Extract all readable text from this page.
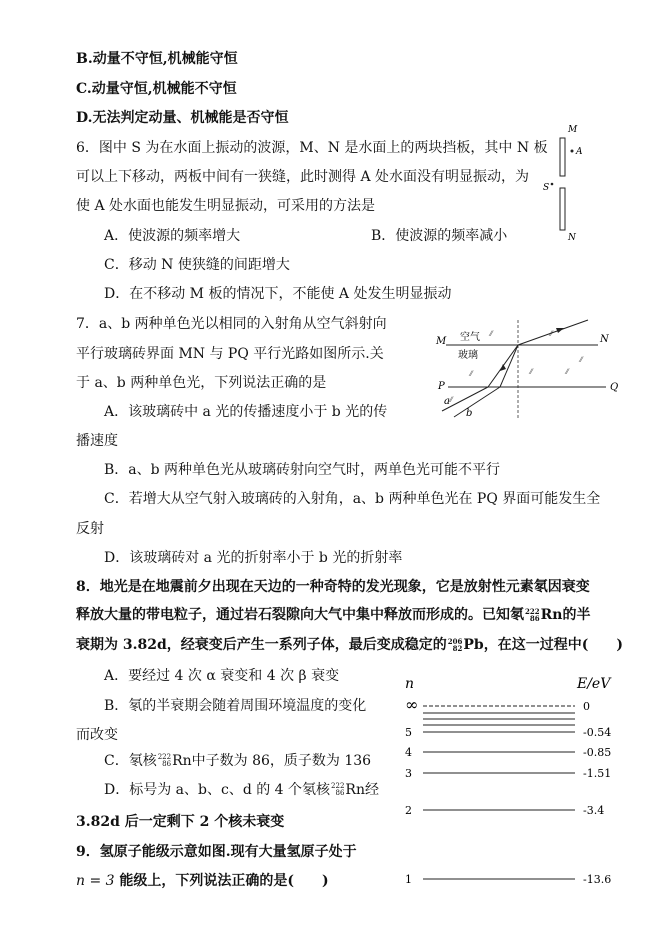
B.动量不守恒,机械能守恒
C.动量守恒,机械能不守恒
D.无法判定动量、机械能是否守恒
6．图中 S 为在水面上振动的波源，M、N 是水面上的两块挡板，其中 N 板
可以上下移动，两板中间有一狭缝，此时测得 A 处水面没有明显振动，为
使 A 处水面也能发生明显振动，可采用的方法是
A．使波源的频率增大	B．使波源的频率减小
C．移动 N 使狭缝的间距增大
D．在不移动 M 板的情况下，不能使 A 处发生明显振动
M
A
S
N
7．a、b 两种单色光以相同的入射角从空气斜射向
平行玻璃砖界面 MN 与 PQ 平行光路如图所示.关
于 a、b 两种单色光，下列说法正确的是
A．该玻璃砖中 a 光的传播速度小于 b 光的传
播速度
B．a、b 两种单色光从玻璃砖射向空气时，两单色光可能不平行
C．若增大从空气射入玻璃砖的入射角，a、b 两种单色光在 PQ 界面可能发生全
反射
D．该玻璃砖对 a 光的折射率小于 b 光的折射率
M	N
P	Q
空气
玻璃
⁄⁄	⁄⁄
⁄⁄	⁄⁄	⁄⁄
⁄⁄
⁄⁄
a
b
8．地光是在地震前夕出现在天边的一种奇特的发光现象，它是放射性元素氡因衰变
释放大量的带电粒子，通过岩石裂隙向大气中集中释放而形成的。已知氡222
86Rn的半
衰期为 3.82d，经衰变后产生一系列子体，最后变成稳定的206
82Pb，在这一过程中(　　)
A．要经过 4 次 α 衰变和 4 次 β 衰变
B．氡的半衰期会随着周围环境温度的变化
而改变
C．氡核222
86Rn中子数为 86，质子数为 136
D．标号为 a、b、c、d 的 4 个氡核222
86Rn经
3.82d 后一定剩下 2 个核未衰变
9．氢原子能级示意如图.现有大量氢原子处于
n = 3 能级上，下列说法正确的是(　　)
n	E/eV
∞	0
5	-0.54
4	-0.85
3	-1.51
2	-3.4
1	-13.6
